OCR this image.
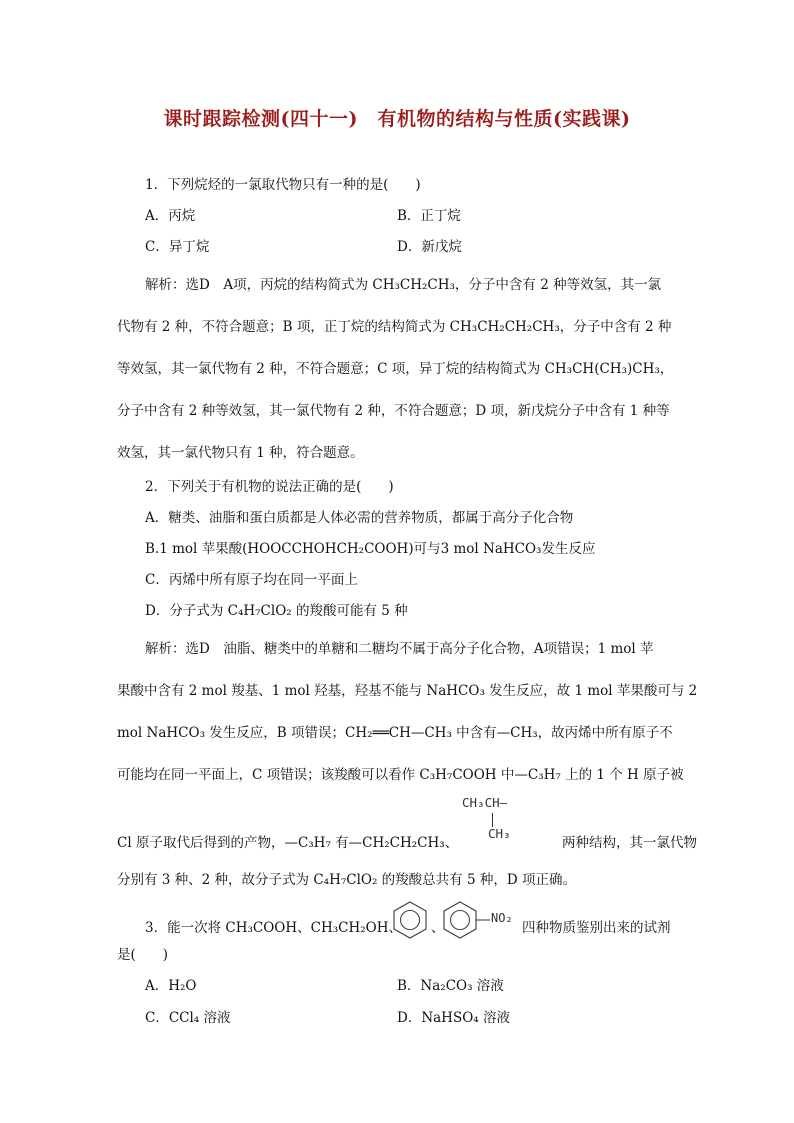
课时跟踪检测(四十一)　有机物的结构与性质(实践课)
1．下列烷烃的一氯取代物只有一种的是(　　)
A．丙烷	B．正丁烷
C．异丁烷	D．新戊烷
解析：选D　A项，丙烷的结构简式为 CH₃CH₂CH₃，分子中含有 2 种等效氢，其一氯
代物有 2 种，不符合题意；B 项，正丁烷的结构简式为 CH₃CH₂CH₂CH₃，分子中含有 2 种
等效氢，其一氯代物有 2 种，不符合题意；C 项，异丁烷的结构简式为 CH₃CH(CH₃)CH₃，
分子中含有 2 种等效氢，其一氯代物有 2 种，不符合题意；D 项，新戊烷分子中含有 1 种等
效氢，其一氯代物只有 1 种，符合题意。
2．下列关于有机物的说法正确的是(　　)
A．糖类、油脂和蛋白质都是人体必需的营养物质，都属于高分子化合物
B.1 mol 苹果酸(HOOCCHOHCH₂COOH)可与3 mol NaHCO₃发生反应
C．丙烯中所有原子均在同一平面上
D．分子式为 C₄H₇ClO₂ 的羧酸可能有 5 种
解析：选D　油脂、糖类中的单糖和二糖均不属于高分子化合物，A项错误；1 mol 苹
果酸中含有 2 mol 羧基、1 mol 羟基，羟基不能与 NaHCO₃ 发生反应，故 1 mol 苹果酸可与 2
mol NaHCO₃ 发生反应，B 项错误；CH₂══CH—CH₃ 中含有—CH₃，故丙烯中所有原子不
可能均在同一平面上，C 项错误；该羧酸可以看作 C₃H₇COOH 中—C₃H₇ 上的 1 个 H 原子被
CH₃CH—
CH₃
Cl 原子取代后得到的产物，—C₃H₇ 有—CH₂CH₂CH₃、	两种结构，其一氯代物
分别有 3 种、2 种，故分子式为 C₄H₇ClO₂ 的羧酸总共有 5 种，D 项正确。
3．能一次将 CH₃COOH、CH₃CH₂OH、 、
NO₂
四种物质鉴别出来的试剂
是(　　)
A．H₂O	B．Na₂CO₃ 溶液
C．CCl₄ 溶液	D．NaHSO₄ 溶液
